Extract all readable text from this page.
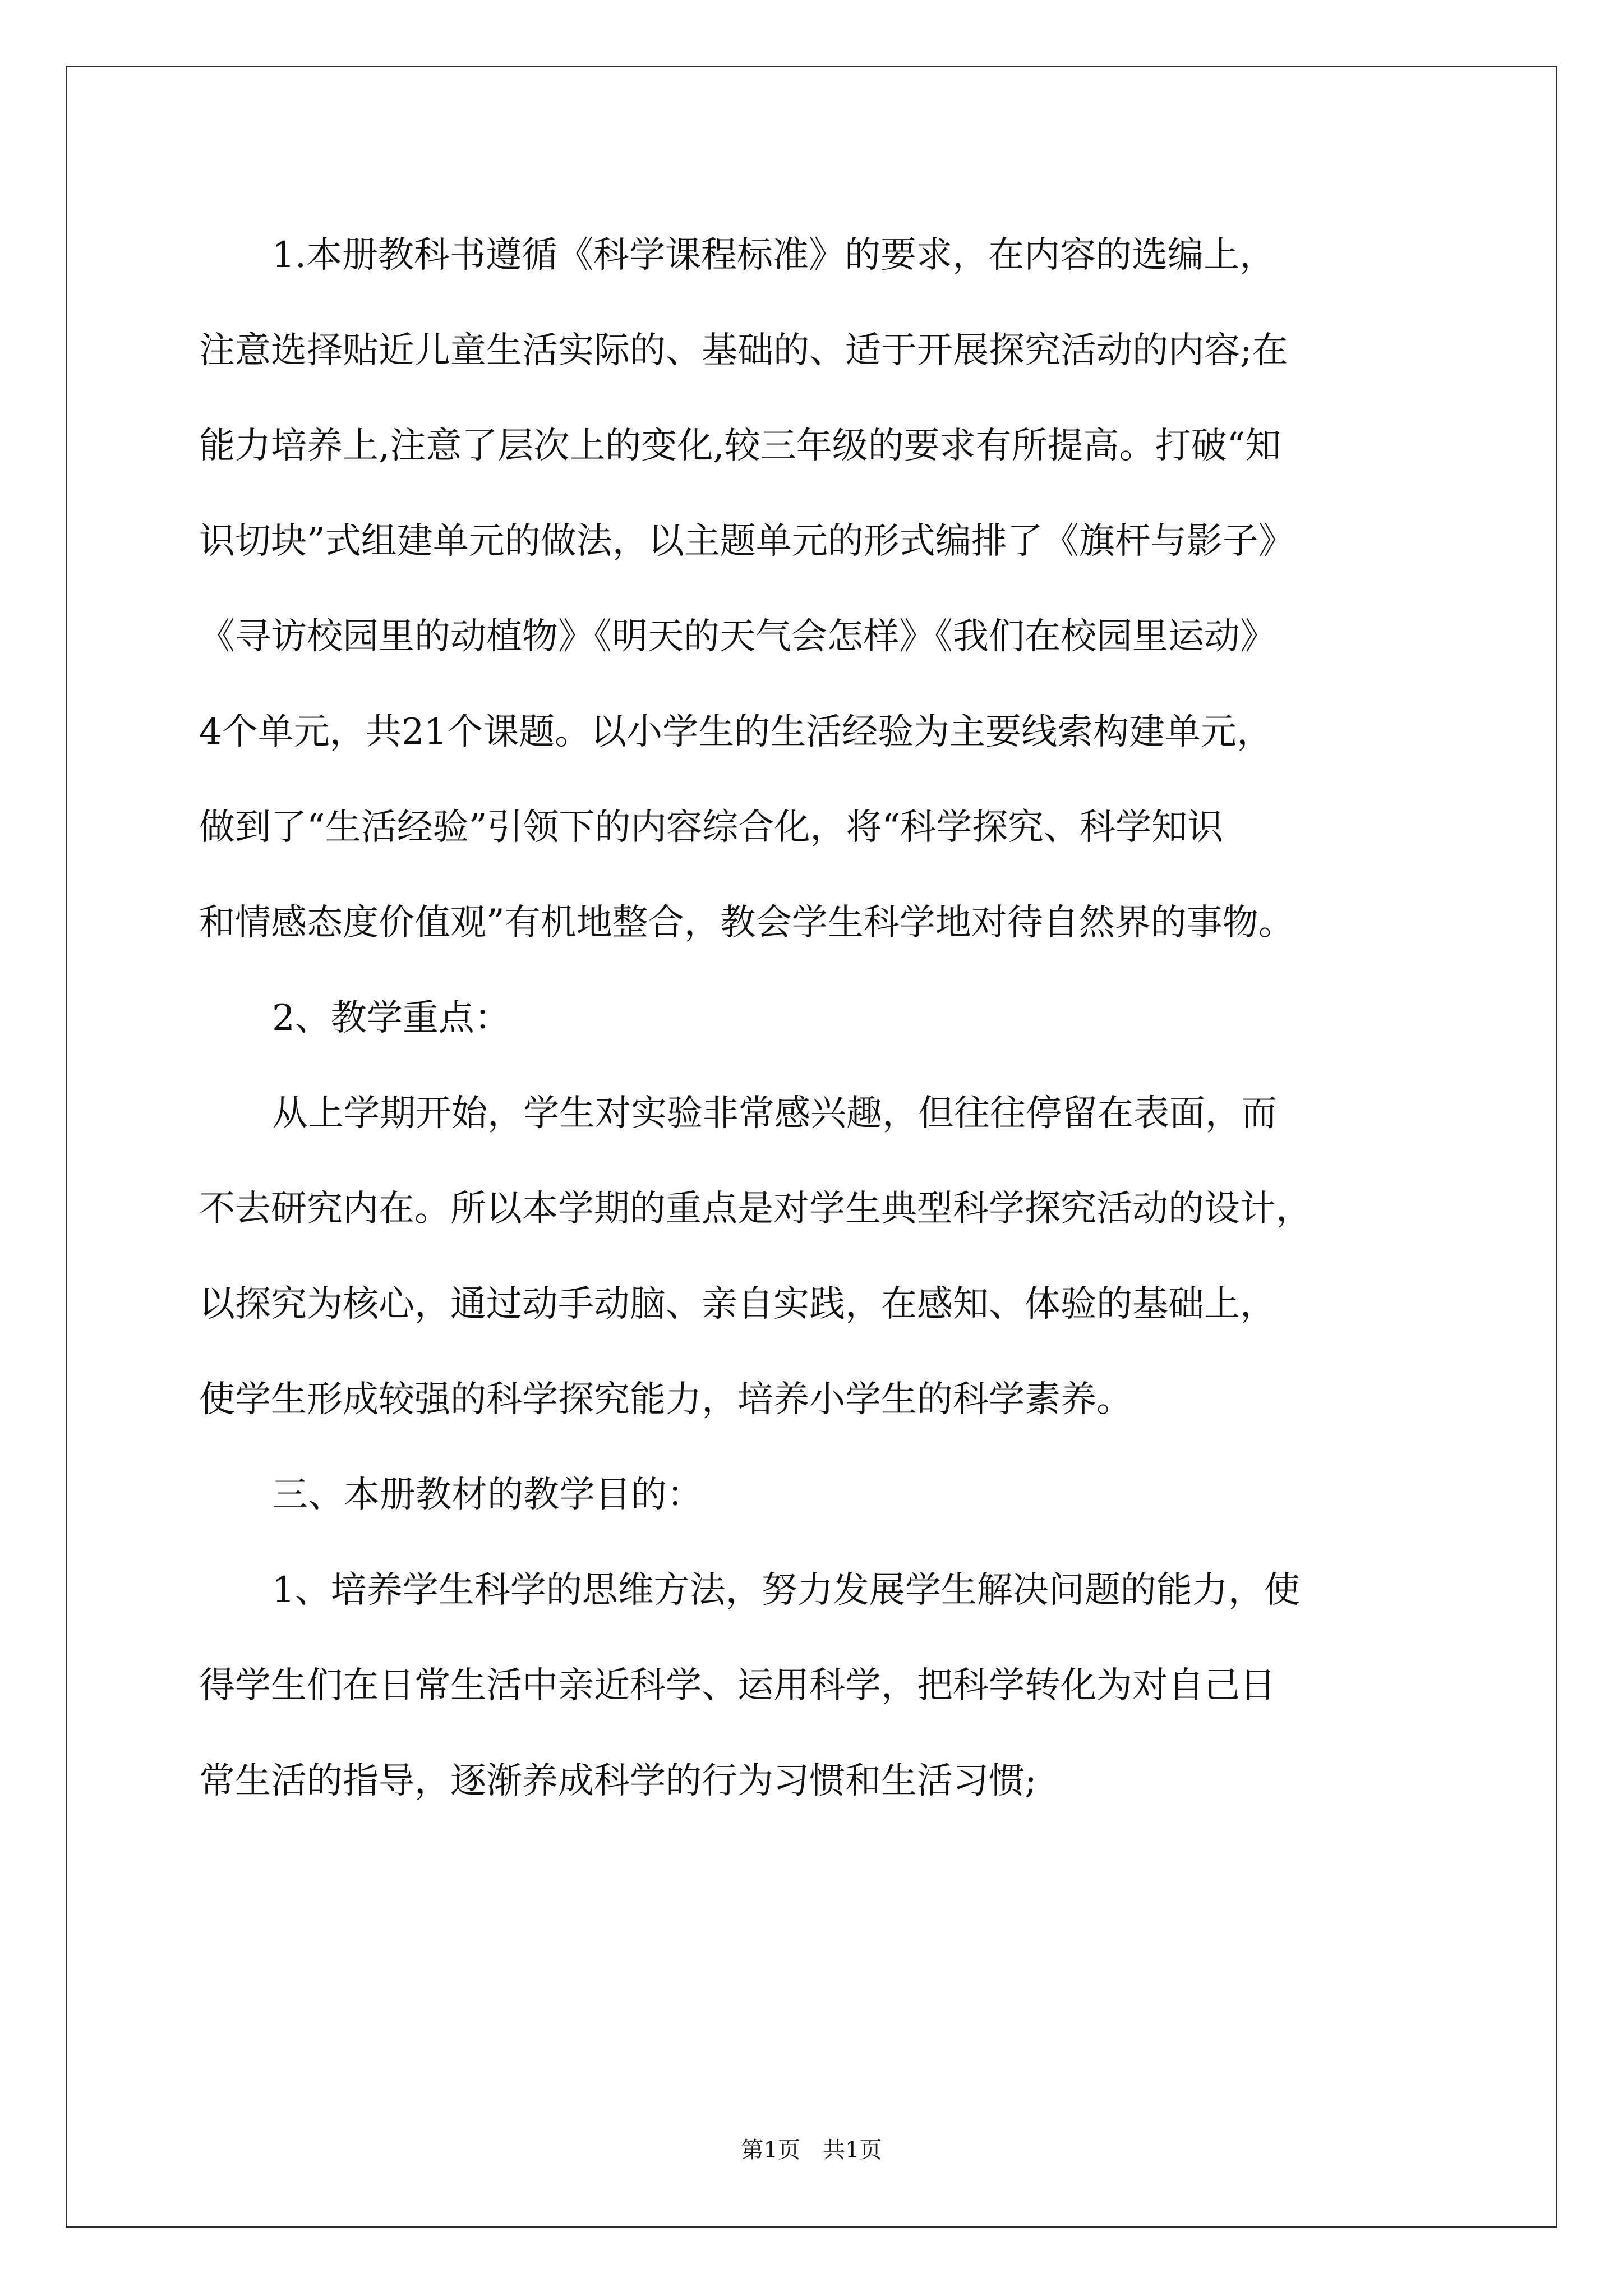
1.本册教科书遵循《科学课程标准》的要求，在内容的选编上，
注意选择贴近儿童生活实际的、基础的、适于开展探究活动的内容;在
能力培养上,注意了层次上的变化,较三年级的要求有所提高。打破“知
识切块”式组建单元的做法，以主题单元的形式编排了《旗杆与影子》
《寻访校园里的动植物》《明天的天气会怎样》《我们在校园里运动》
4个单元，共21个课题。以小学生的生活经验为主要线索构建单元，
做到了“生活经验”引领下的内容综合化，将“科学探究、科学知识
和情感态度价值观”有机地整合，教会学生科学地对待自然界的事物。
2、教学重点：
从上学期开始，学生对实验非常感兴趣，但往往停留在表面，而
不去研究内在。所以本学期的重点是对学生典型科学探究活动的设计，
以探究为核心，通过动手动脑、亲自实践，在感知、体验的基础上，
使学生形成较强的科学探究能力，培养小学生的科学素养。
三、本册教材的教学目的：
1、培养学生科学的思维方法，努力发展学生解决问题的能力，使
得学生们在日常生活中亲近科学、运用科学，把科学转化为对自己日
常生活的指导，逐渐养成科学的行为习惯和生活习惯;
第1页　共1页
